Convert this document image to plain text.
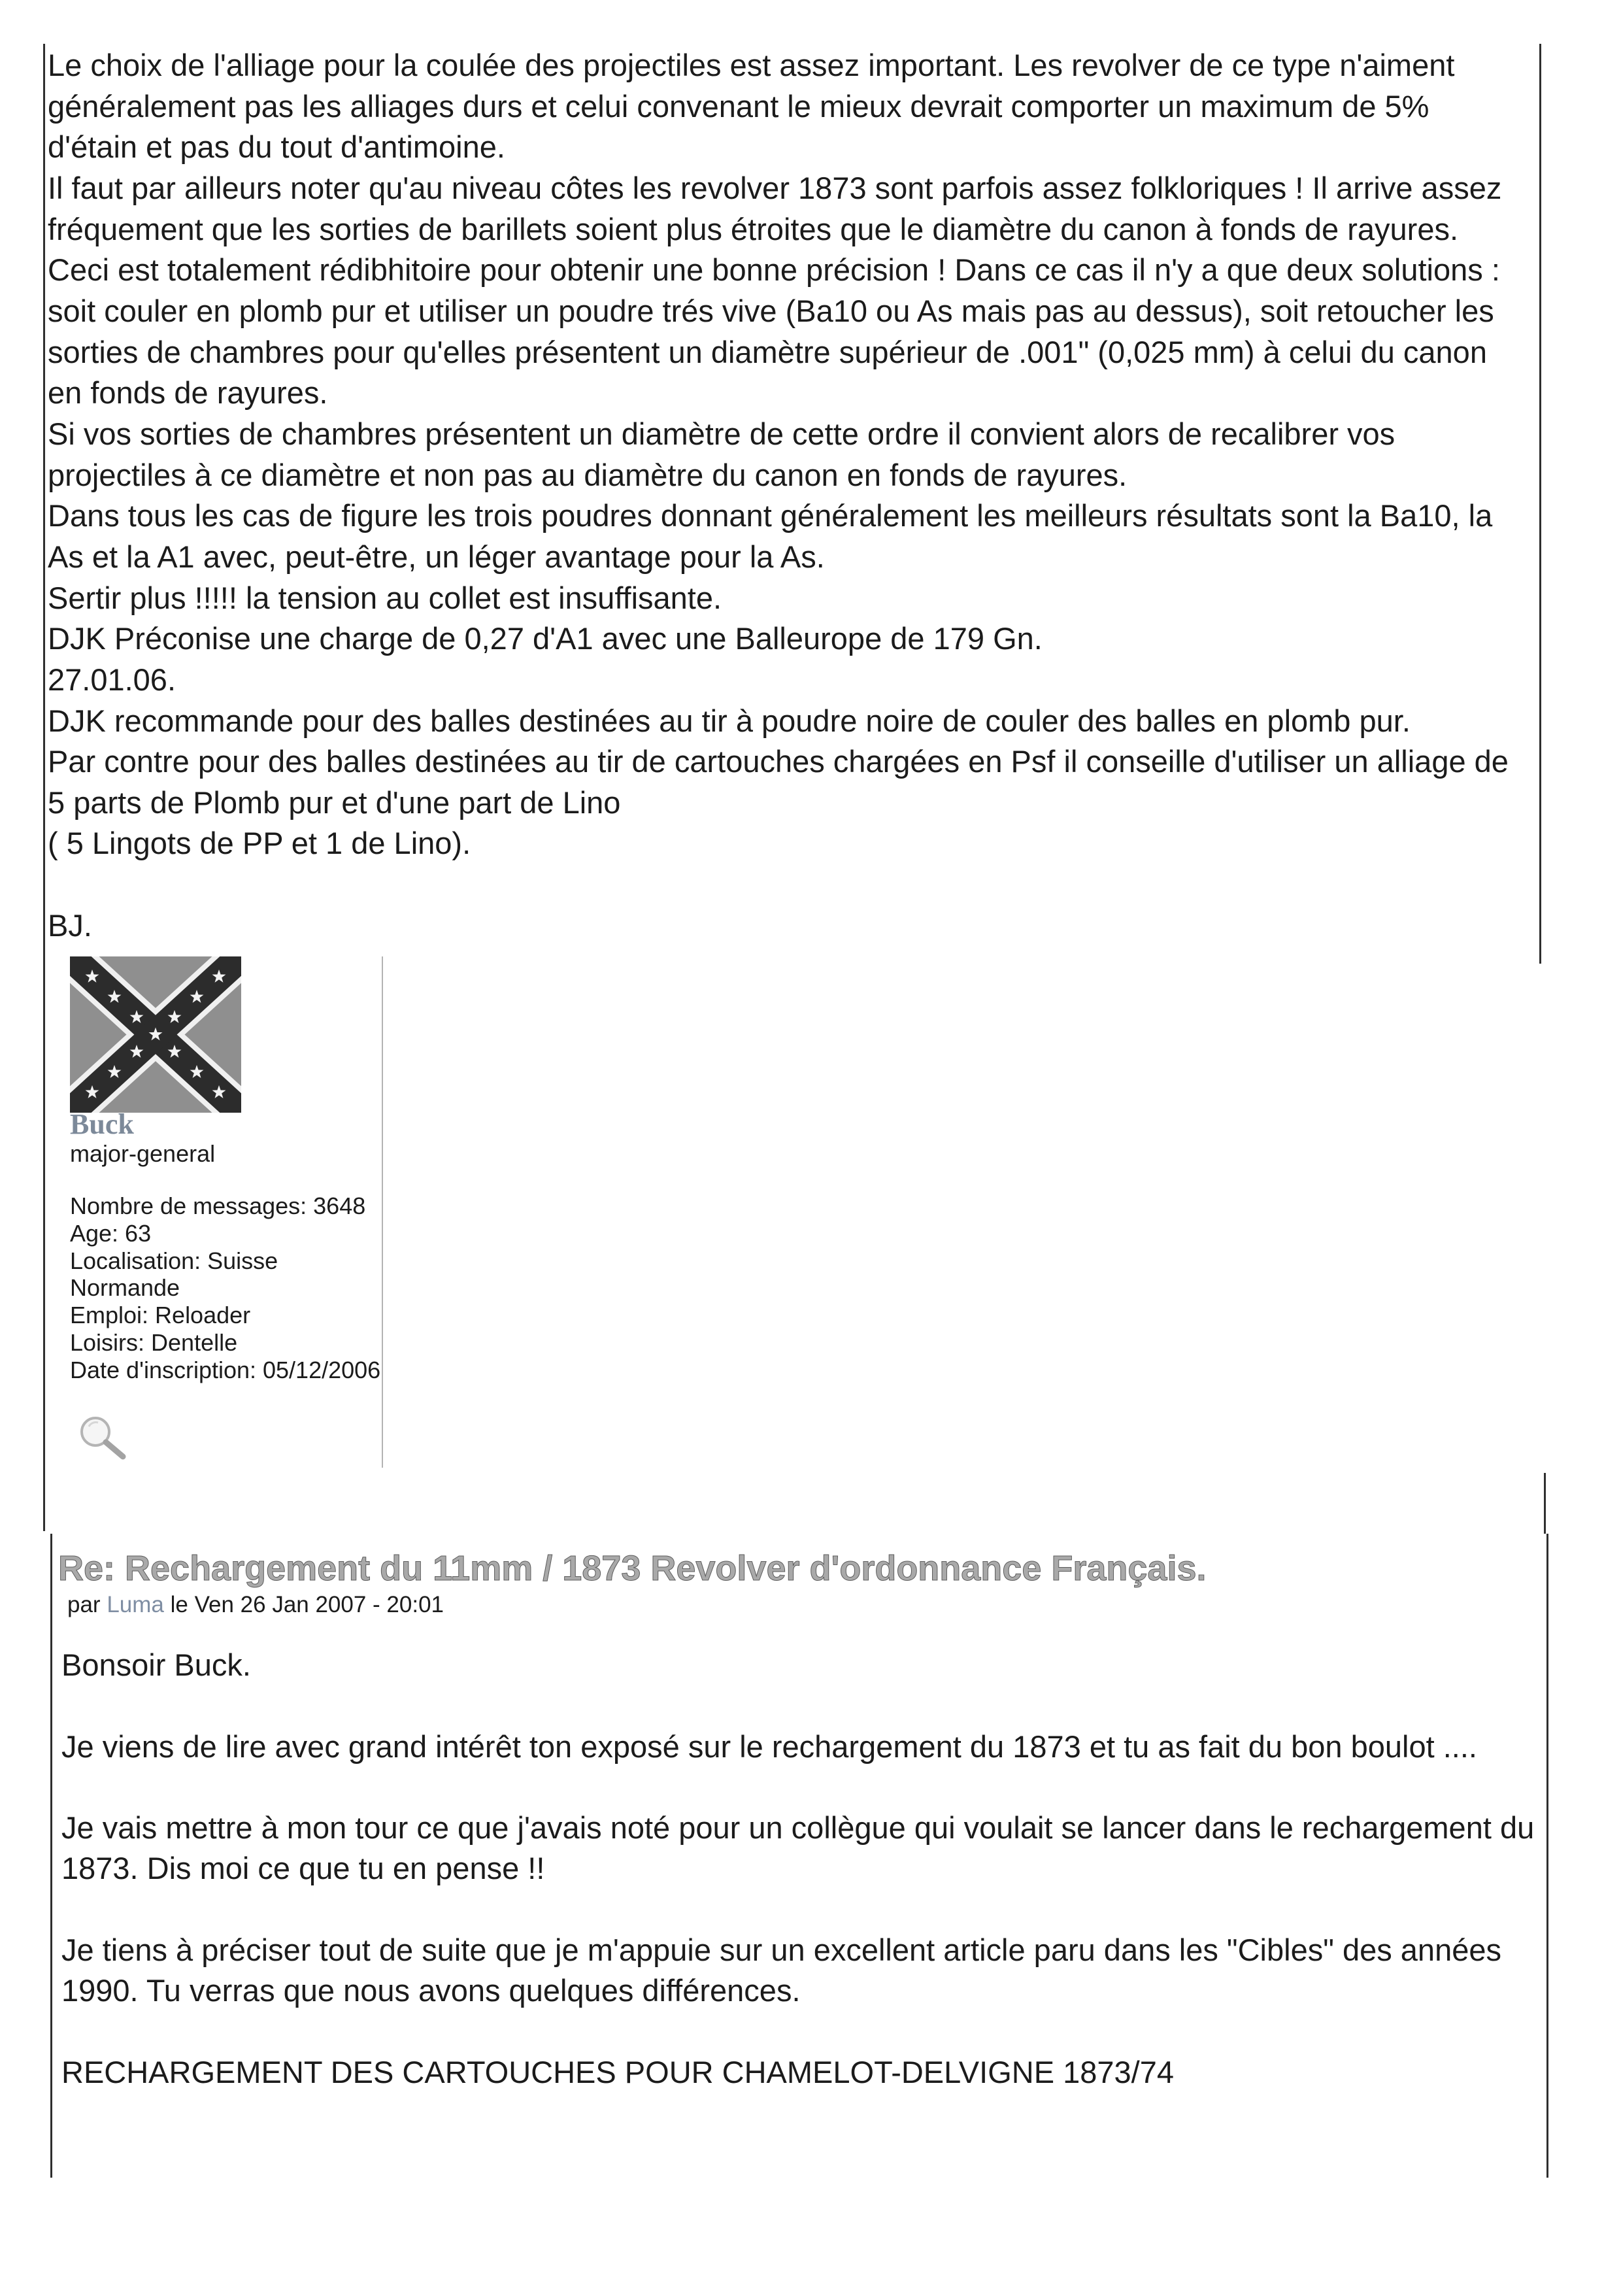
Le choix de l'alliage pour la coulée des projectiles est assez important. Les revolver de ce type n'aiment
généralement pas les alliages durs et celui convenant le mieux devrait comporter un maximum de 5%
d'étain et pas du tout d'antimoine.
Il faut par ailleurs noter qu'au niveau côtes les revolver 1873 sont parfois assez folkloriques ! Il arrive assez
fréquement que les sorties de barillets soient plus étroites que le diamètre du canon à fonds de rayures.
Ceci est totalement rédibhitoire pour obtenir une bonne précision ! Dans ce cas il n'y a que deux solutions :
soit couler en plomb pur et utiliser un poudre trés vive (Ba10 ou As mais pas au dessus), soit retoucher les
sorties de chambres pour qu'elles présentent un diamètre supérieur de .001" (0,025 mm) à celui du canon
en fonds de rayures.
Si vos sorties de chambres présentent un diamètre de cette ordre il convient alors de recalibrer vos
projectiles à ce diamètre et non pas au diamètre du canon en fonds de rayures.
Dans tous les cas de figure les trois poudres donnant généralement les meilleurs résultats sont la Ba10, la
As et la A1 avec, peut-être, un léger avantage pour la As.
Sertir plus !!!!! la tension au collet est insuffisante.
DJK Préconise une charge de 0,27 d'A1 avec une Balleurope de 179 Gn.
27.01.06.
DJK recommande pour des balles destinées au tir à poudre noire de couler des balles en plomb pur.
Par contre pour des balles destinées au tir de cartouches chargées en Psf il conseille d'utiliser un alliage de
5 parts de Plomb pur et d'une part de Lino
( 5 Lingots de PP et 1 de Lino).
BJ.
Buck
major-general
Nombre de messages: 3648
Age: 63
Localisation: Suisse
Normande
Emploi: Reloader
Loisirs: Dentelle
Date d'inscription: 05/12/2006
Re: Rechargement du 11mm / 1873 Revolver d'ordonnance Français.
par Luma le Ven 26 Jan 2007 - 20:01
Bonsoir Buck.
Je viens de lire avec grand intérêt ton exposé sur le rechargement du 1873 et tu as fait du bon boulot ....
Je vais mettre à mon tour ce que j'avais noté pour un collègue qui voulait se lancer dans le rechargement du
1873. Dis moi ce que tu en pense !!
Je tiens à préciser tout de suite que je m'appuie sur un excellent article paru dans les "Cibles" des années
1990. Tu verras que nous avons quelques différences.
RECHARGEMENT DES CARTOUCHES POUR CHAMELOT-DELVIGNE 1873/74
